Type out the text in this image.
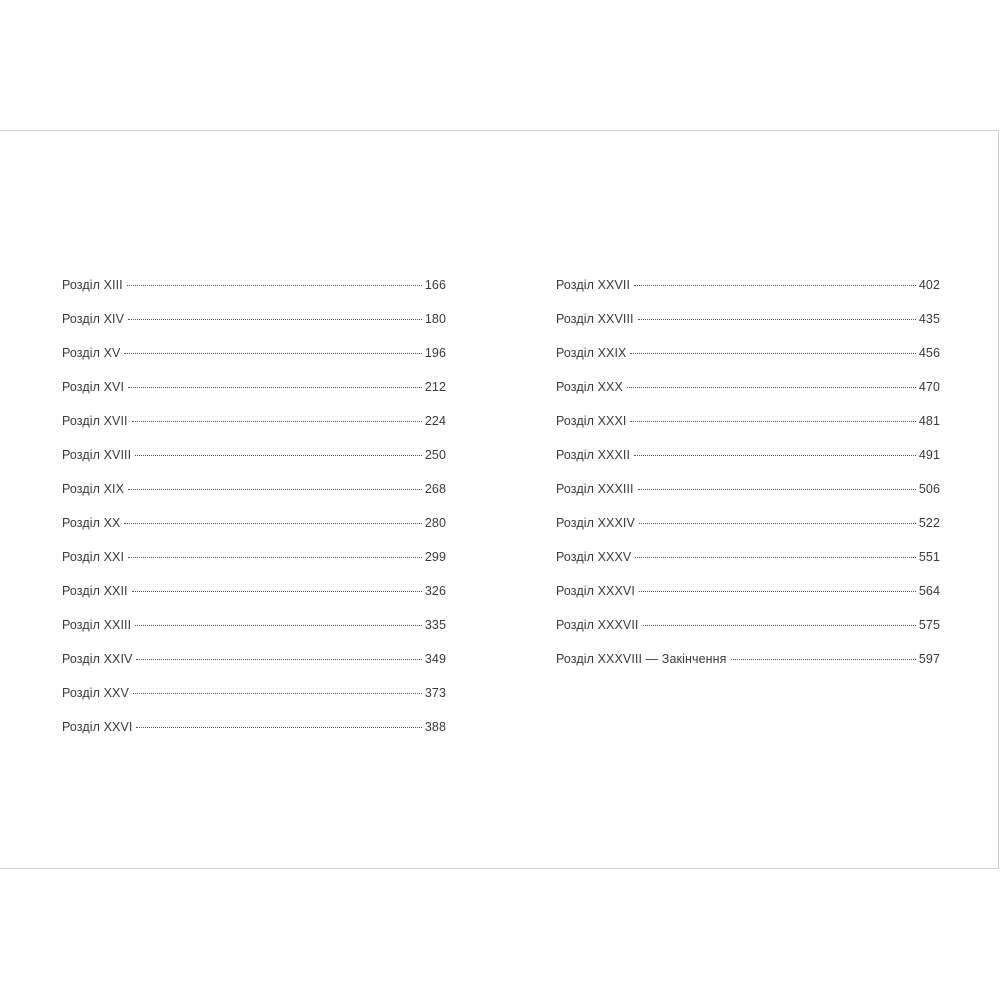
Розділ XIII	166
Розділ XIV	180
Розділ XV	196
Розділ XVI	212
Розділ XVII	224
Розділ XVIII	250
Розділ XIX	268
Розділ XX	280
Розділ XXI	299
Розділ XXII	326
Розділ XXIII	335
Розділ XXIV	349
Розділ XXV	373
Розділ XXVI	388
Розділ XXVII	402
Розділ XXVIII	435
Розділ XXIX	456
Розділ XXX	470
Розділ XXXI	481
Розділ XXXII	491
Розділ XXXIII	506
Розділ XXXIV	522
Розділ XXXV	551
Розділ XXXVI	564
Розділ XXXVII	575
Розділ XXXVIII — Закінчення	597
